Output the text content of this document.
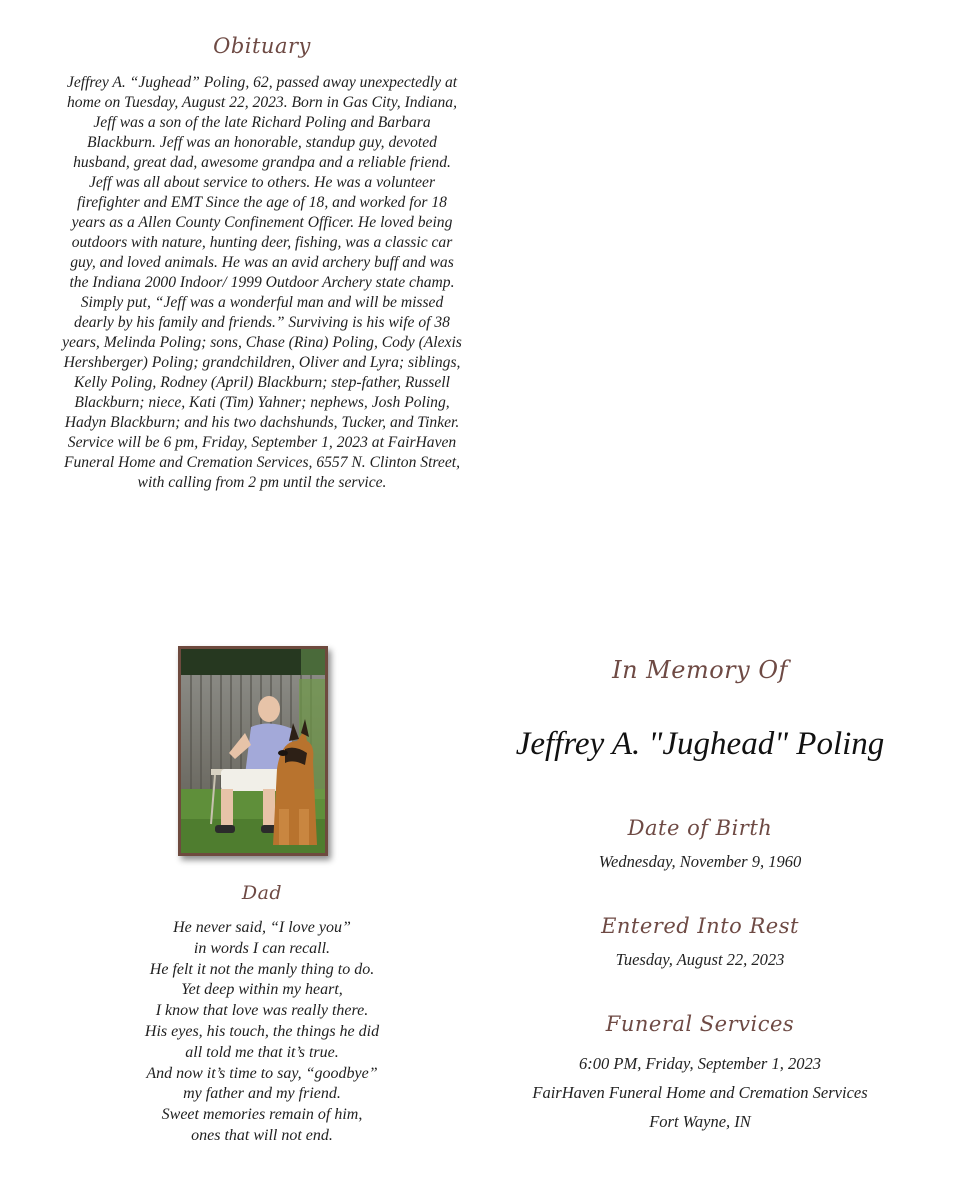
Obituary

Jeffrey A. “Jughead” Poling, 62, passed away unexpectedly at home on Tuesday, August 22, 2023. Born in Gas City, Indiana, Jeff was a son of the late Richard Poling and Barbara Blackburn. Jeff was an honorable, standup guy, devoted husband, great dad, awesome grandpa and a reliable friend. Jeff was all about service to others. He was a volunteer firefighter and EMT Since the age of 18, and worked for 18 years as a Allen County Confinement Officer. He loved being outdoors with nature, hunting deer, fishing, was a classic car guy, and loved animals. He was an avid archery buff and was the Indiana 2000 Indoor/ 1999 Outdoor Archery state champ. Simply put, “Jeff was a wonderful man and will be missed dearly by his family and friends.” Surviving is his wife of 38 years, Melinda Poling; sons, Chase (Rina) Poling, Cody (Alexis Hershberger) Poling; grandchildren, Oliver and Lyra; siblings, Kelly Poling, Rodney (April) Blackburn; step-father, Russell Blackburn; niece, Kati (Tim) Yahner; nephews, Josh Poling, Hadyn Blackburn; and his two dachshunds, Tucker, and Tinker. Service will be 6 pm, Friday, September 1, 2023 at FairHaven Funeral Home and Cremation Services, 6557 N. Clinton Street, with calling from 2 pm until the service.

Dad
He never said, “I love you”
in words I can recall.
He felt it not the manly thing to do.
Yet deep within my heart,
I know that love was really there.
His eyes, his touch, the things he did
all told me that it’s true.
And now it’s time to say, “goodbye”
my father and my friend.
Sweet memories remain of him,
ones that will not end.
In Memory Of
Jeffrey A. "Jughead" Poling
Date of Birth

Wednesday, November 9, 1960

Entered Into Rest

Tuesday, August 22, 2023

Funeral Services
6:00 PM, Friday, September 1, 2023
FairHaven Funeral Home and Cremation Services
Fort Wayne, IN
